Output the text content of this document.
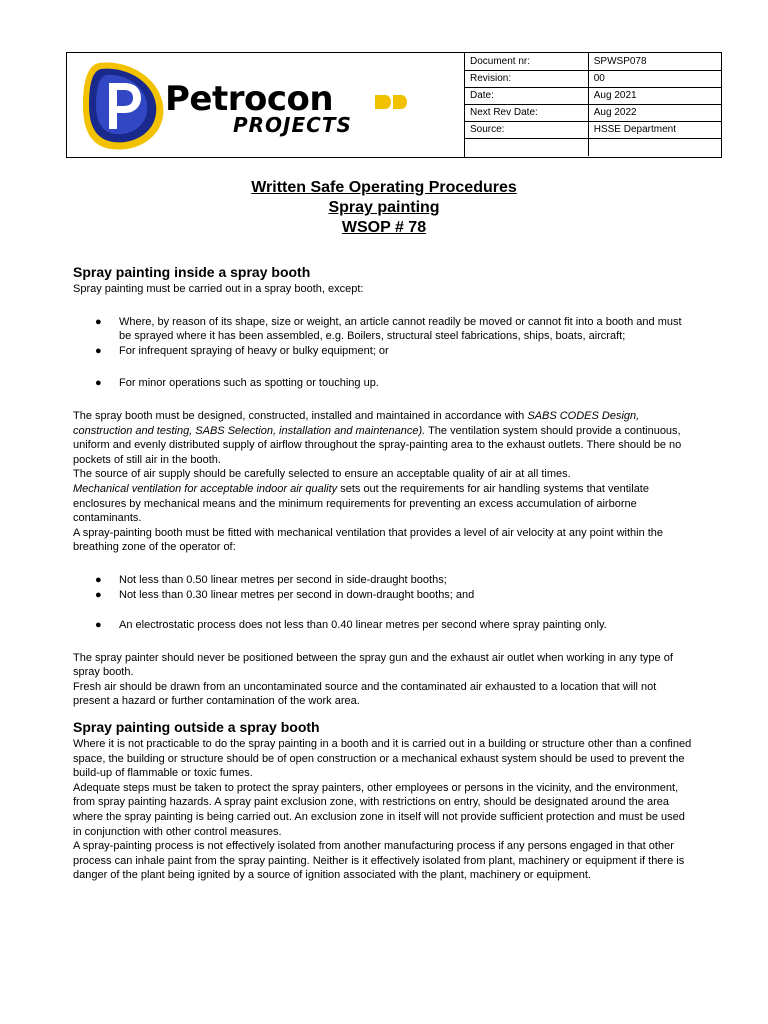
Petrocon
PROJECTS
Document nr:	SPWSP078
Revision:	00
Date:	Aug 2021
Next Rev Date:	Aug 2022
Source:	HSSE Department

Written Safe Operating Procedures
Spray painting
WSOP # 78
Spray painting inside a spray booth

Spray painting must be carried out in a spray booth, except:

● Where, by reason of its shape, size or weight, an article cannot readily be moved or cannot fit into a booth and must be sprayed where it has been assembled, e.g. Boilers, structural steel fabrications, ships, boats, aircraft;
● For infrequent spraying of heavy or bulky equipment; or
● For minor operations such as spotting or touching up.

The spray booth must be designed, constructed, installed and maintained in accordance with SABS CODES Design, construction and testing, SABS Selection, installation and maintenance). The ventilation system should provide a continuous, uniform and evenly distributed supply of airflow throughout the spray-painting area to the exhaust outlets. There should be no pockets of still air in the booth.

The source of air supply should be carefully selected to ensure an acceptable quality of air at all times.

Mechanical ventilation for acceptable indoor air quality sets out the requirements for air handling systems that ventilate enclosures by mechanical means and the minimum requirements for preventing an excess accumulation of airborne contaminants.

A spray-painting booth must be fitted with mechanical ventilation that provides a level of air velocity at any point within the breathing zone of the operator of:

● Not less than 0.50 linear metres per second in side-draught booths;
● Not less than 0.30 linear metres per second in down-draught booths; and
● An electrostatic process does not less than 0.40 linear metres per second where spray painting only.

The spray painter should never be positioned between the spray gun and the exhaust air outlet when working in any type of spray booth.

Fresh air should be drawn from an uncontaminated source and the contaminated air exhausted to a location that will not present a hazard or further contamination of the work area.

Spray painting outside a spray booth

Where it is not practicable to do the spray painting in a booth and it is carried out in a building or structure other than a confined space, the building or structure should be of open construction or a mechanical exhaust system should be used to prevent the build-up of flammable or toxic fumes.

Adequate steps must be taken to protect the spray painters, other employees or persons in the vicinity, and the environment, from spray painting hazards. A spray paint exclusion zone, with restrictions on entry, should be designated around the area where the spray painting is being carried out. An exclusion zone in itself will not provide sufficient protection and must be used in conjunction with other control measures.

A spray-painting process is not effectively isolated from another manufacturing process if any persons engaged in that other process can inhale paint from the spray painting. Neither is it effectively isolated from plant, machinery or equipment if there is danger of the plant being ignited by a source of ignition associated with the plant, machinery or equipment.
